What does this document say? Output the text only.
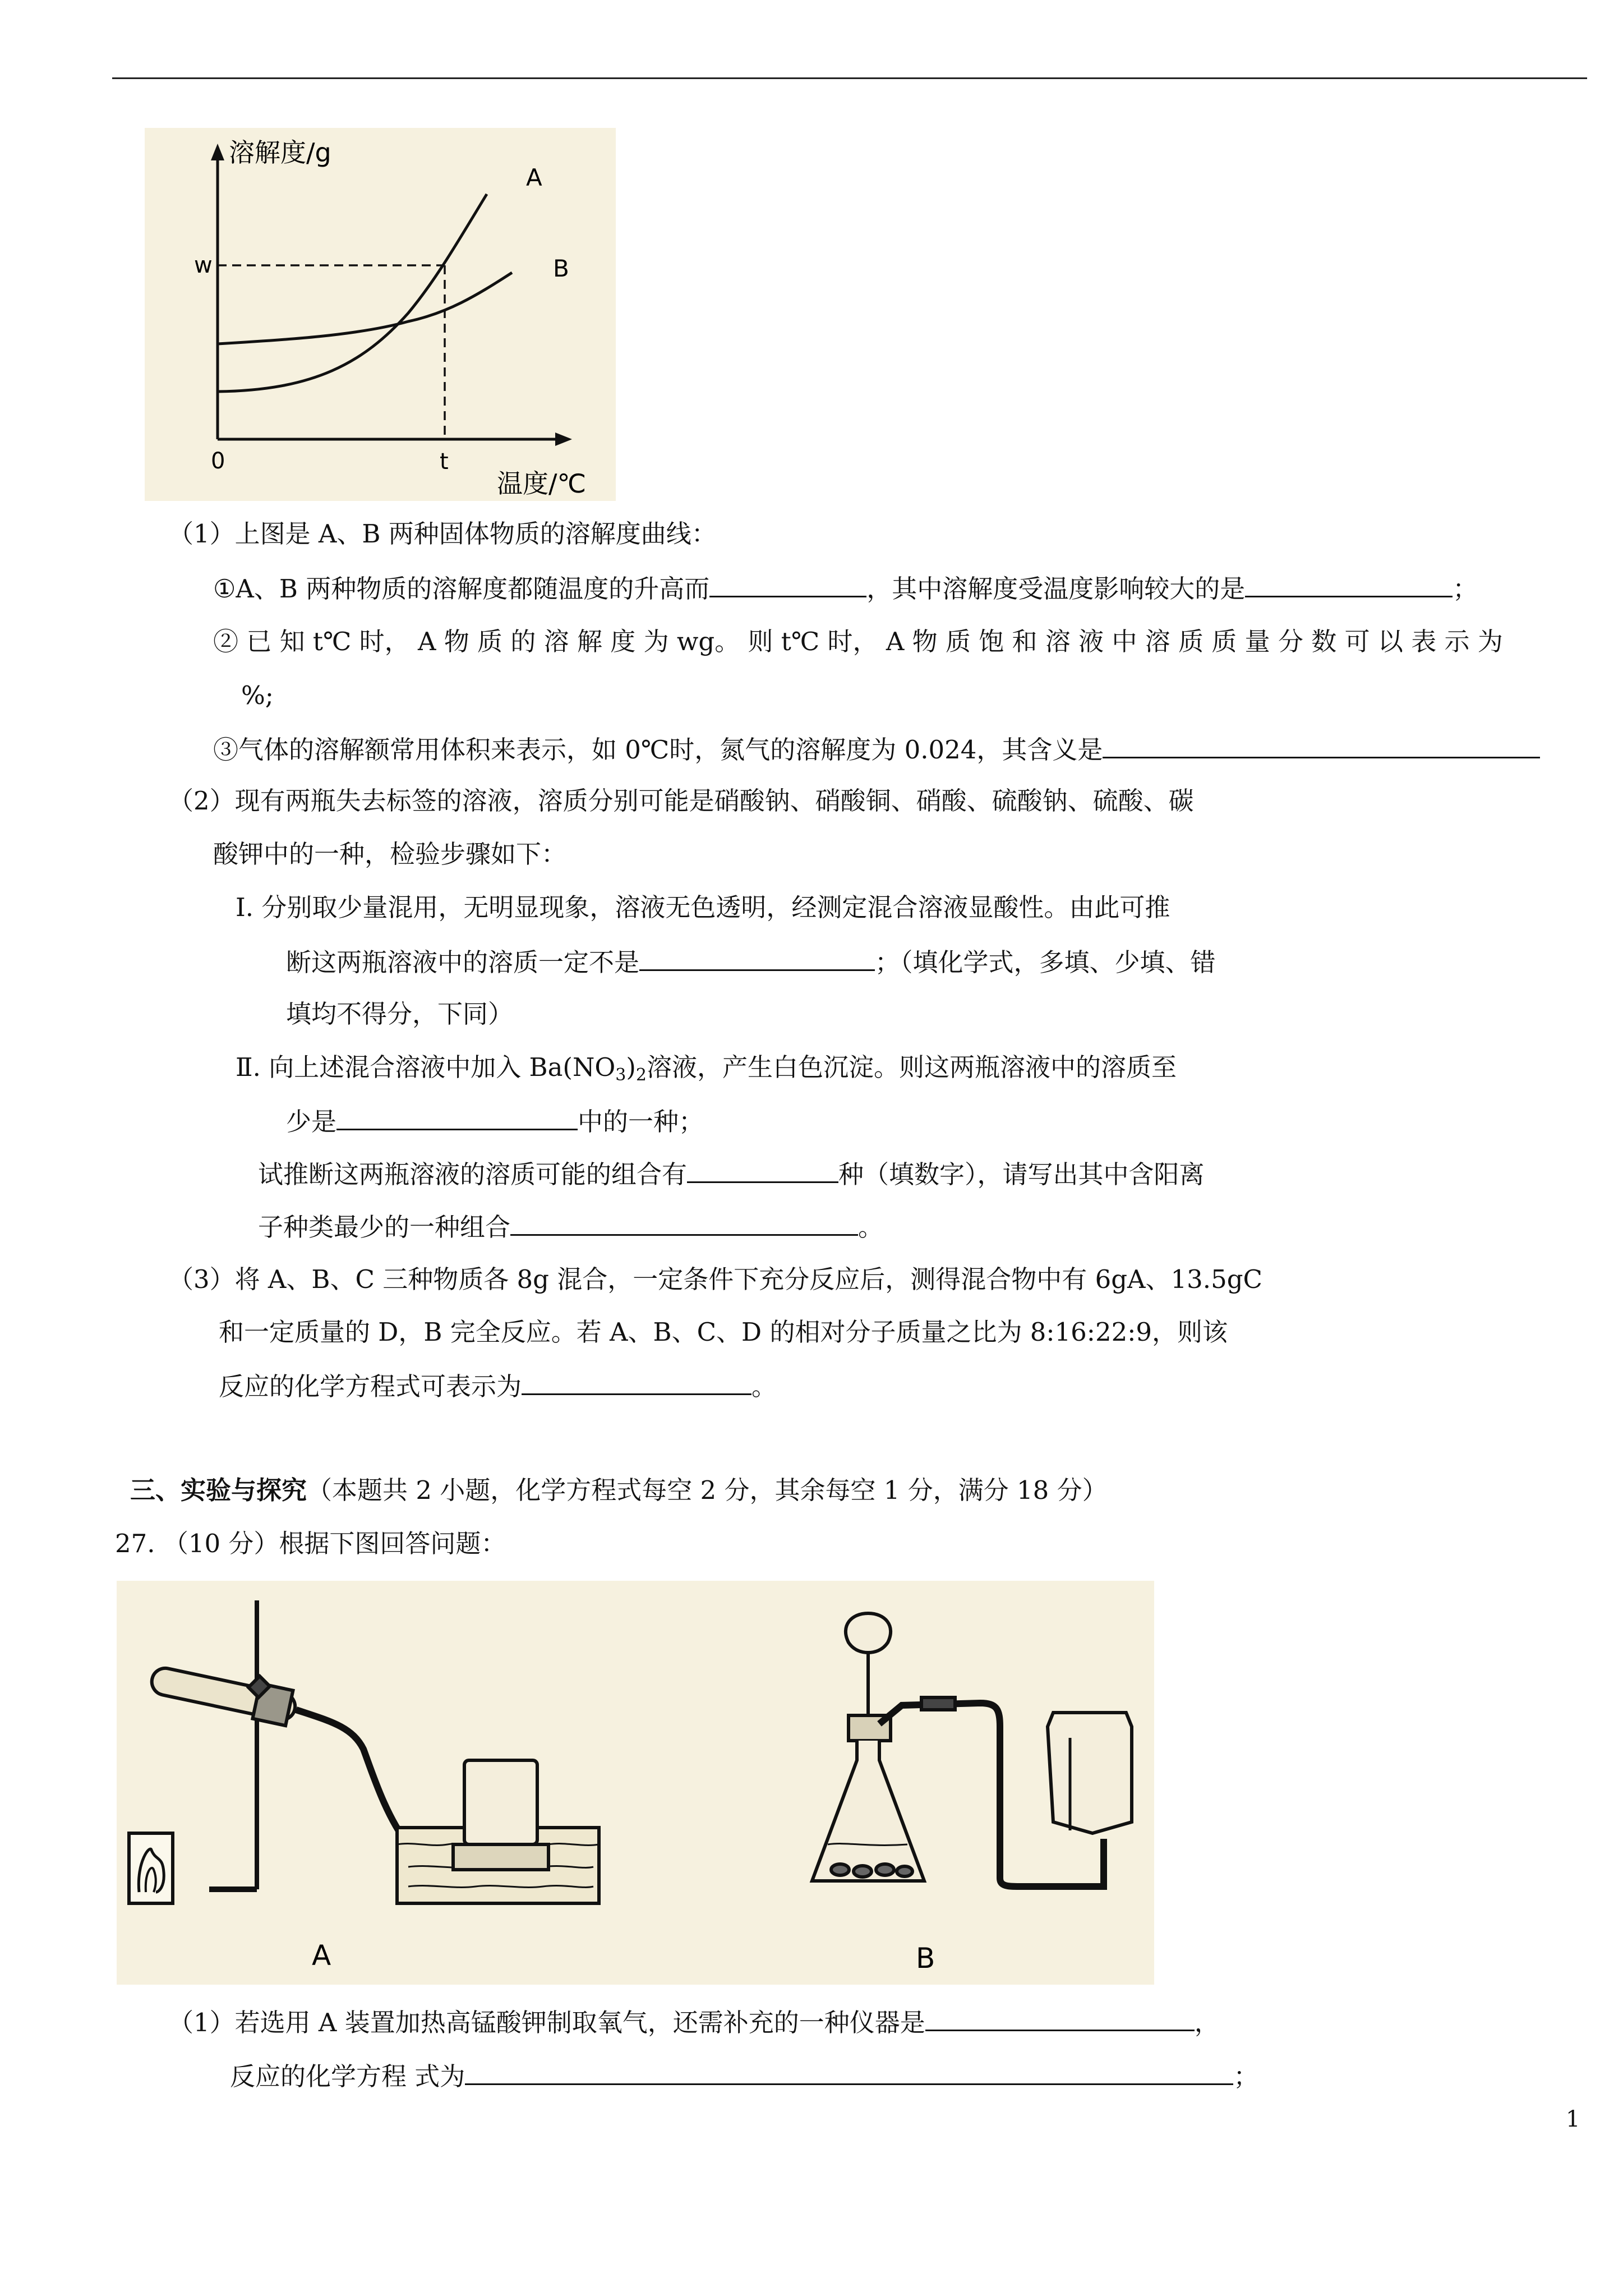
溶解度/g
A
B
w
0	t
温度/℃
（1）上图是 A、B 两种固体物质的溶解度曲线：
①A、B 两种物质的溶解度都随温度的升高而	，其中溶解度受温度影响较大的是	；
② 已 知 t℃ 时， A 物 质 的 溶 解 度 为 wg。 则 t℃ 时， A 物 质 饱 和 溶 液 中 溶 质 质 量 分 数 可 以 表 示 为
%;
③气体的溶解额常用体积来表示，如 0℃时，氮气的溶解度为 0.024，其含义是
（2）现有两瓶失去标签的溶液，溶质分别可能是硝酸钠、硝酸铜、硝酸、硫酸钠、硫酸、碳
酸钾中的一种，检验步骤如下：
Ⅰ. 分别取少量混用，无明显现象，溶液无色透明，经测定混合溶液显酸性。由此可推
断这两瓶溶液中的溶质一定不是	；（填化学式，多填、少填、错
填均不得分，下同）
Ⅱ. 向上述混合溶液中加入 $Ba(NO_3)_2$溶液，产生白色沉淀。则这两瓶溶液中的溶质至
少是	中的一种；
试推断这两瓶溶液的溶质可能的组合有	种（填数字），请写出其中含阳离
子种类最少的一种组合	。
（3）将 A、B、C 三种物质各 8g 混合，一定条件下充分反应后，测得混合物中有 6gA、13.5gC
和一定质量的 D，B 完全反应。若 A、B、C、D 的相对分子质量之比为 8:16:22:9，则该
反应的化学方程式可表示为	。
三、实验与探究（本题共 2 小题，化学方程式每空 2 分，其余每空 1 分，满分 18 分）
27. （10 分）根据下图回答问题：
A	B
（1）若选用 A 装置加热高锰酸钾制取氧气，还需补充的一种仪器是	，
反应的化学方程 式为	；
1
